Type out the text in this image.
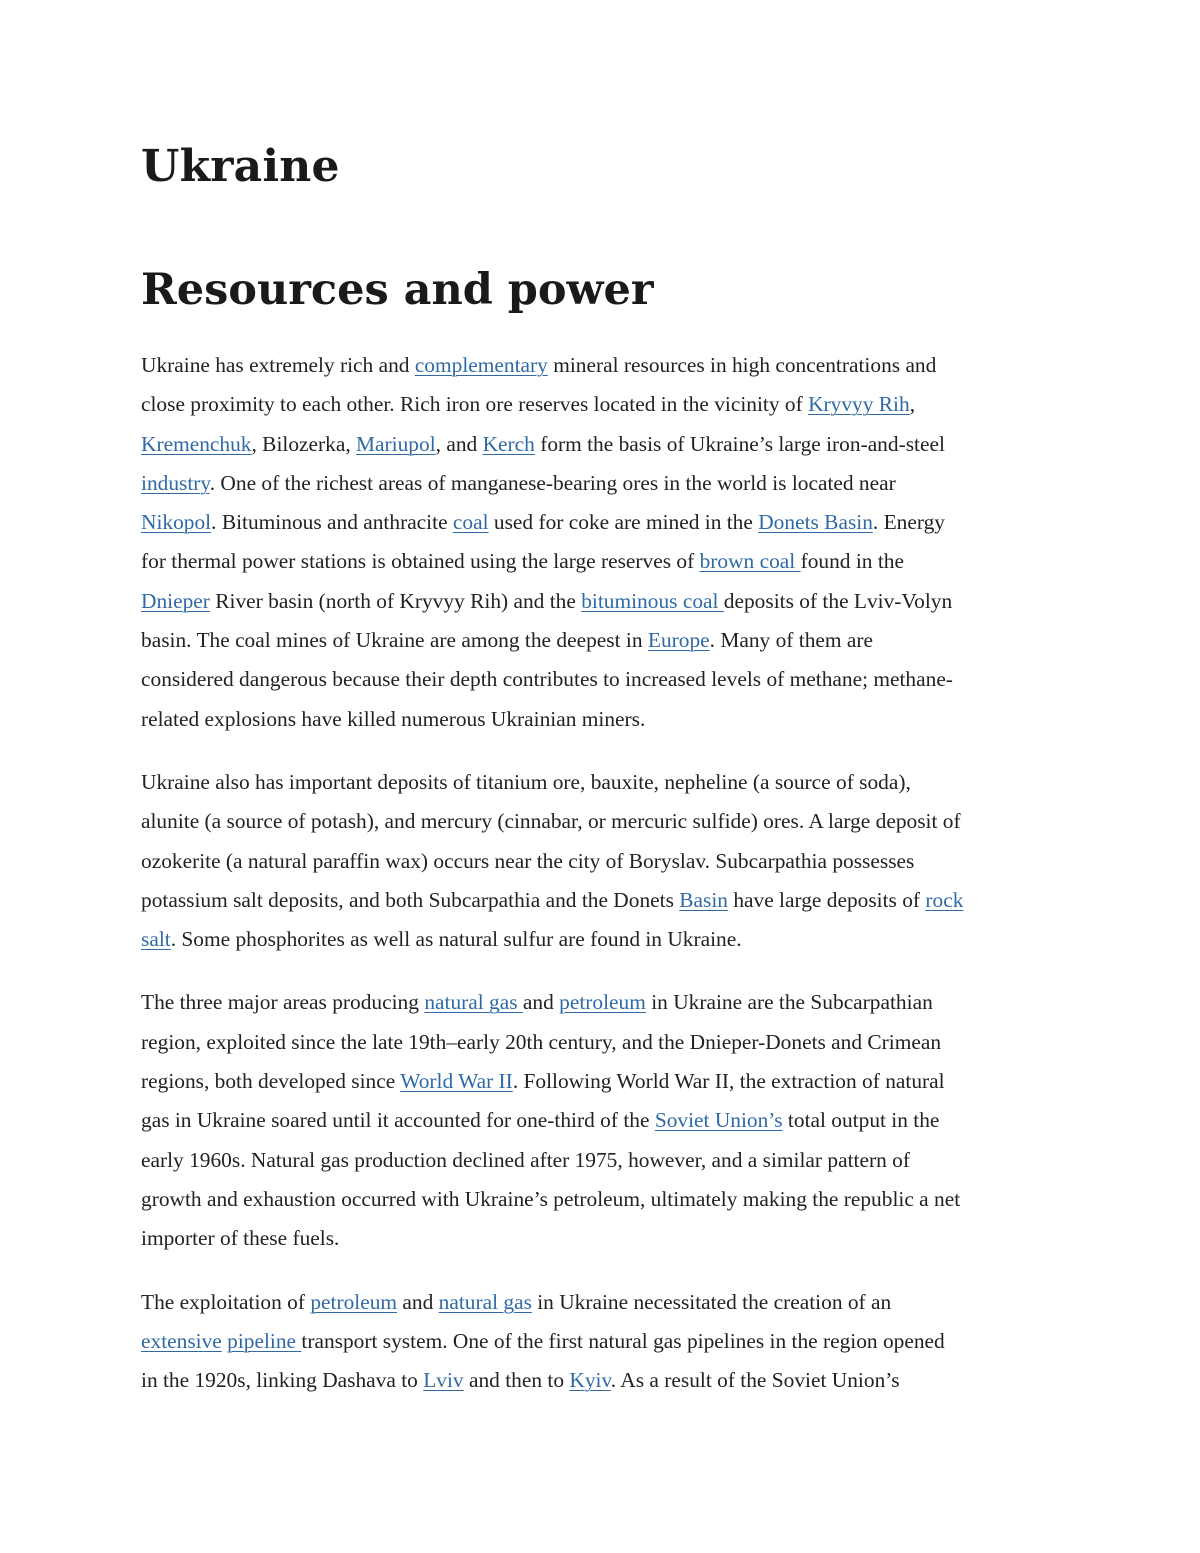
Ukraine
Resources and power

Ukraine has extremely rich and complementary mineral resources in high concentrations and
close proximity to each other. Rich iron ore reserves located in the vicinity of Kryvyy Rih,
Kremenchuk, Bilozerka, Mariupol, and Kerch form the basis of Ukraine’s large iron-and-steel
industry. One of the richest areas of manganese-bearing ores in the world is located near
Nikopol. Bituminous and anthracite coal used for coke are mined in the Donets Basin. Energy
for thermal power stations is obtained using the large reserves of brown coal found in the
Dnieper River basin (north of Kryvyy Rih) and the bituminous coal deposits of the Lviv-Volyn
basin. The coal mines of Ukraine are among the deepest in Europe. Many of them are
considered dangerous because their depth contributes to increased levels of methane; methane-
related explosions have killed numerous Ukrainian miners.

Ukraine also has important deposits of titanium ore, bauxite, nepheline (a source of soda),
alunite (a source of potash), and mercury (cinnabar, or mercuric sulfide) ores. A large deposit of
ozokerite (a natural paraffin wax) occurs near the city of Boryslav. Subcarpathia possesses
potassium salt deposits, and both Subcarpathia and the Donets Basin have large deposits of rock
salt. Some phosphorites as well as natural sulfur are found in Ukraine.

The three major areas producing natural gas and petroleum in Ukraine are the Subcarpathian
region, exploited since the late 19th–early 20th century, and the Dnieper-Donets and Crimean
regions, both developed since World War II. Following World War II, the extraction of natural
gas in Ukraine soared until it accounted for one-third of the Soviet Union’s total output in the
early 1960s. Natural gas production declined after 1975, however, and a similar pattern of
growth and exhaustion occurred with Ukraine’s petroleum, ultimately making the republic a net
importer of these fuels.

The exploitation of petroleum and natural gas in Ukraine necessitated the creation of an
extensive pipeline transport system. One of the first natural gas pipelines in the region opened
in the 1920s, linking Dashava to Lviv and then to Kyiv. As a result of the Soviet Union’s
